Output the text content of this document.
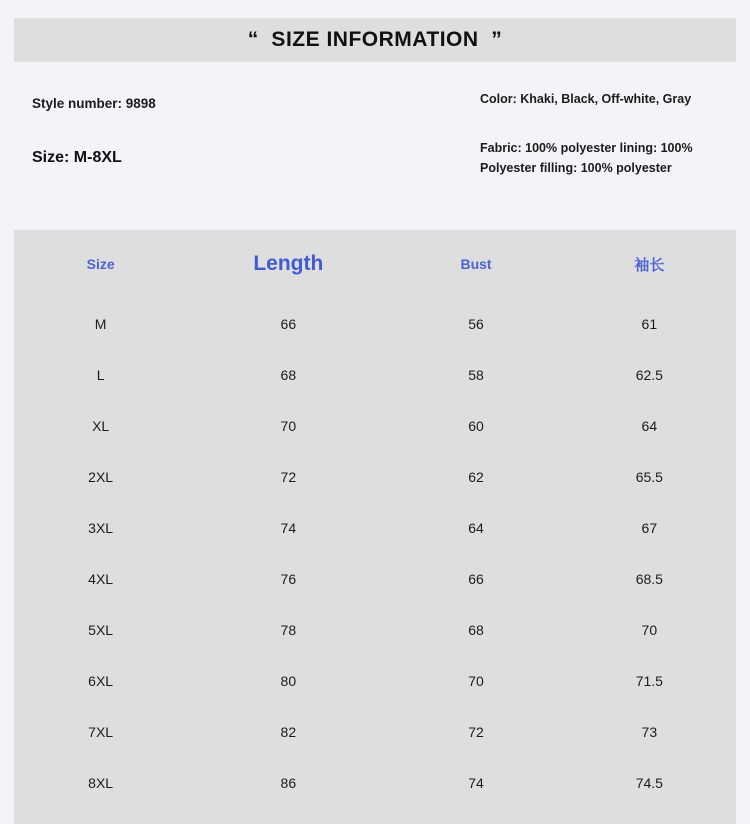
“  SIZE INFORMATION  ”
Style number: 9898
Size: M-8XL
Color: Khaki, Black, Off-white, Gray
Fabric: 100% polyester lining: 100% Polyester filling: 100% polyester
Size	Length	Bust	袖长
M	66	56	61
L	68	58	62.5
XL	70	60	64
2XL	72	62	65.5
3XL	74	64	67
4XL	76	66	68.5
5XL	78	68	70
6XL	80	70	71.5
7XL	82	72	73
8XL	86	74	74.5
